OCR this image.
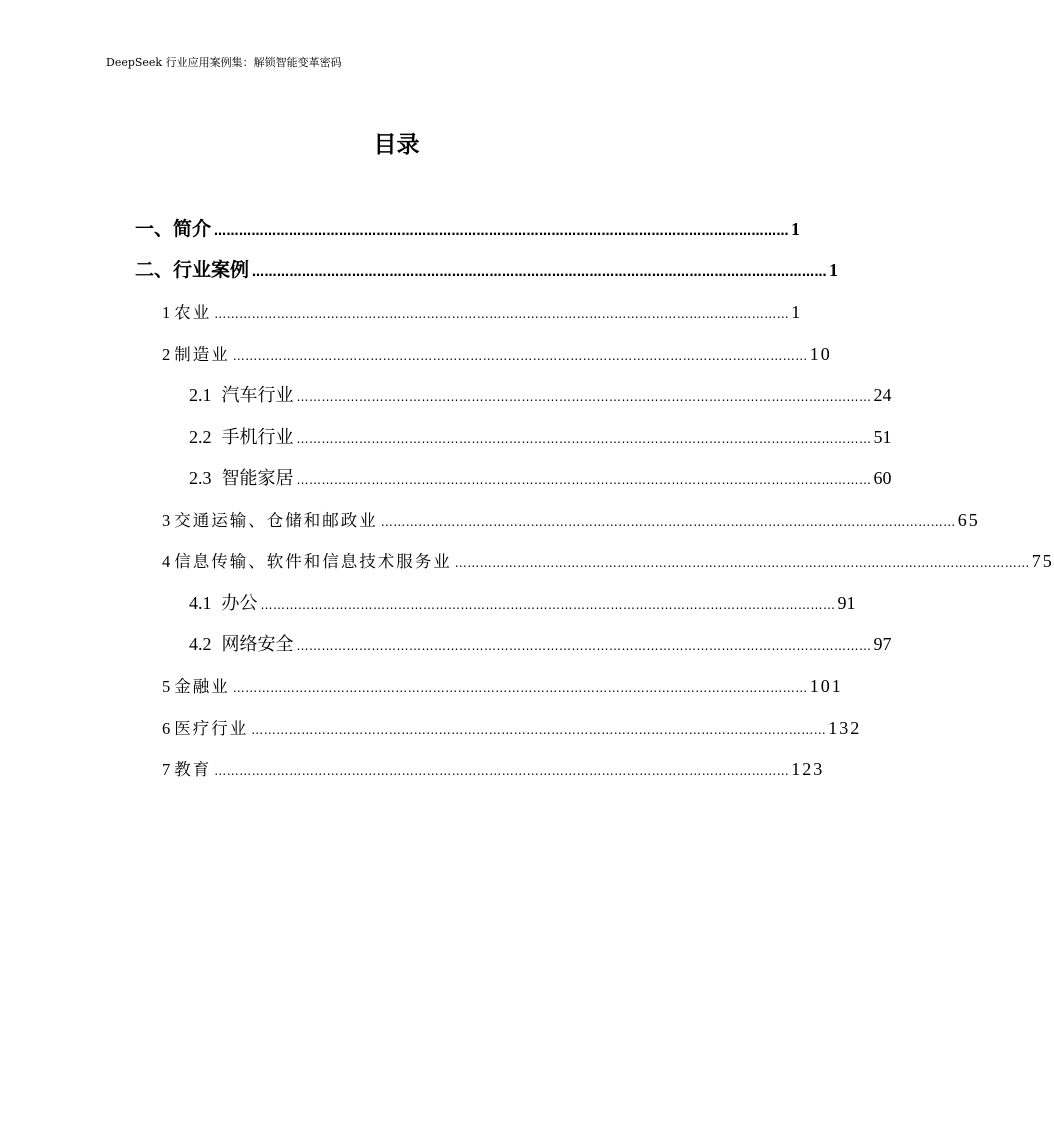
DeepSeek 行业应用案例集：解锁智能变革密码
目录
一、简介 ………………………………………………………………………………………………………………………… 1
二、行业案例 ………………………………………………………………………………………………………………………… 1
1 农业 ………………………………………………………………………………………………………………………… 1
2 制造业 ………………………………………………………………………………………………………………………… 10
2.1 汽车行业 ………………………………………………………………………………………………………………………… 24
2.2 手机行业 ………………………………………………………………………………………………………………………… 51
2.3 智能家居 ………………………………………………………………………………………………………………………… 60
3 交通运输、仓储和邮政业 ………………………………………………………………………………………………………………………… 65
4 信息传输、软件和信息技术服务业 ………………………………………………………………………………………………………………………… 75
4.1 办公 ………………………………………………………………………………………………………………………… 91
4.2 网络安全 ………………………………………………………………………………………………………………………… 97
5 金融业 ………………………………………………………………………………………………………………………… 101
6 医疗行业 ………………………………………………………………………………………………………………………… 132
7 教育 ………………………………………………………………………………………………………………………… 123
